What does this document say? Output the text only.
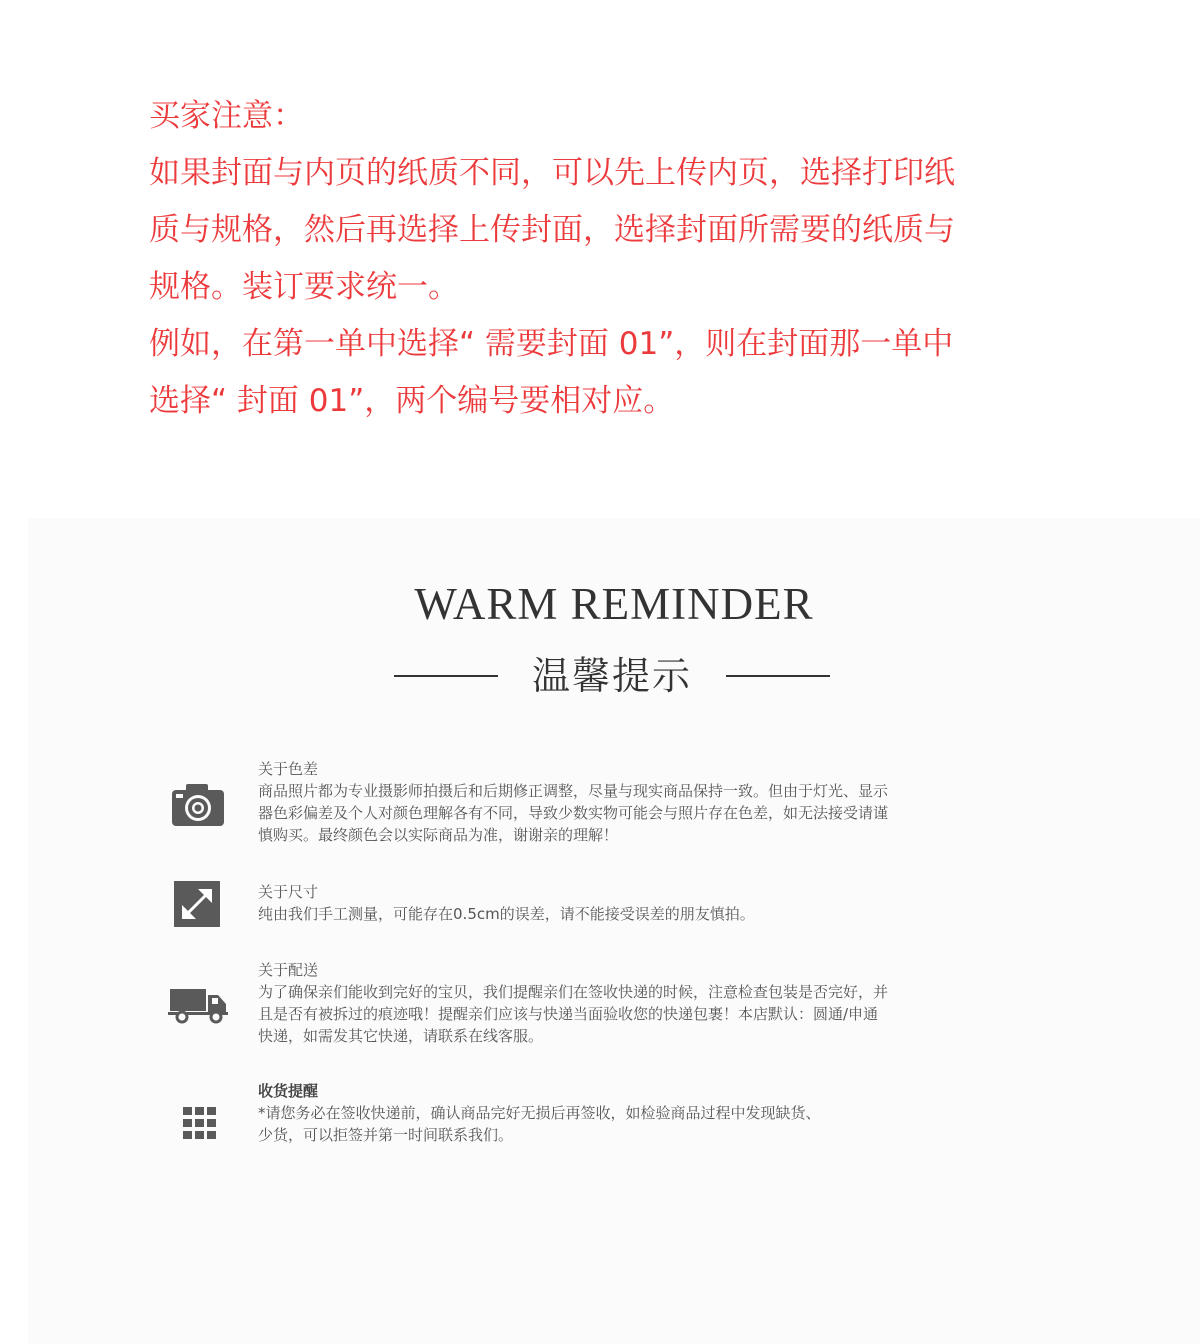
买家注意：
如果封面与内页的纸质不同，可以先上传内页，选择打印纸
质与规格，然后再选择上传封面，选择封面所需要的纸质与
规格。装订要求统一。
例如，在第一单中选择“ 需要封面 01”，则在封面那一单中
选择“ 封面 01”，两个编号要相对应。
WARM REMINDER
温馨提示
关于色差
商品照片都为专业摄影师拍摄后和后期修正调整，尽量与现实商品保持一致。但由于灯光、显示
器色彩偏差及个人对颜色理解各有不同，导致少数实物可能会与照片存在色差，如无法接受请谨
慎购买。最终颜色会以实际商品为准，谢谢亲的理解！
关于尺寸
纯由我们手工测量，可能存在0.5cm的误差，请不能接受误差的朋友慎拍。
关于配送
为了确保亲们能收到完好的宝贝，我们提醒亲们在签收快递的时候，注意检查包装是否完好，并
且是否有被拆过的痕迹哦！提醒亲们应该与快递当面验收您的快递包裹！本店默认：圆通/申通
快递，如需发其它快递，请联系在线客服。
收货提醒
*请您务必在签收快递前，确认商品完好无损后再签收，如检验商品过程中发现缺货、
少货，可以拒签并第一时间联系我们。
